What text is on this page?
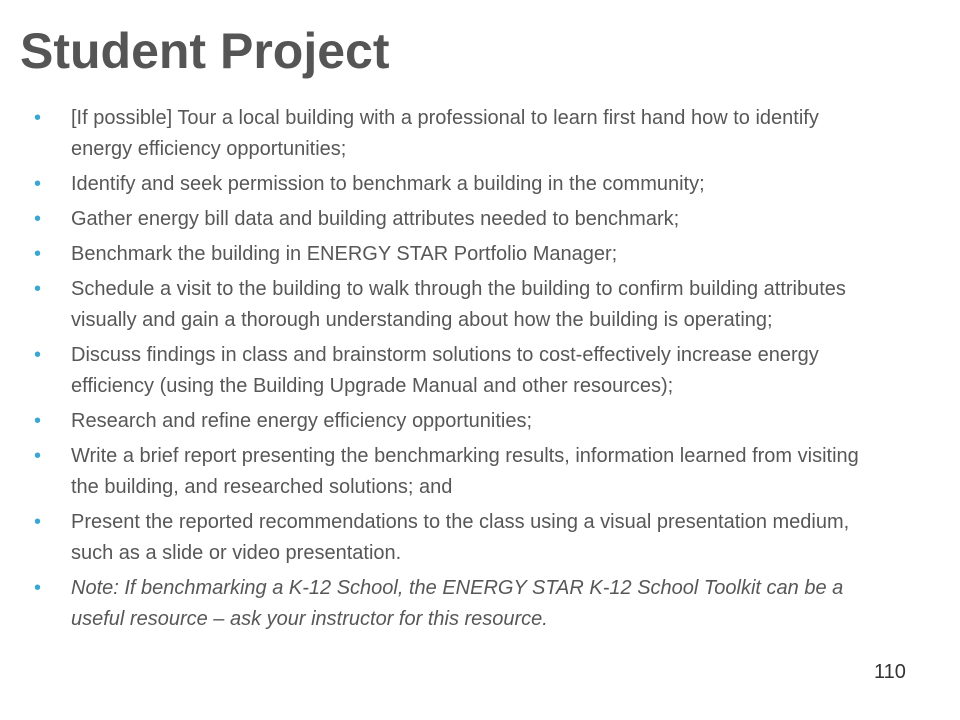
Student Project
• [If possible] Tour a local building with a professional to learn first hand how to identify energy efficiency opportunities;
• Identify and seek permission to benchmark a building in the community;
• Gather energy bill data and building attributes needed to benchmark;
• Benchmark the building in ENERGY STAR Portfolio Manager;
• Schedule a visit to the building to walk through the building to confirm building attributes visually and gain a thorough understanding about how the building is operating;
• Discuss findings in class and brainstorm solutions to cost-effectively increase energy efficiency (using the Building Upgrade Manual and other resources);
• Research and refine energy efficiency opportunities;
• Write a brief report presenting the benchmarking results, information learned from visiting the building, and researched solutions; and
• Present the reported recommendations to the class using a visual presentation medium, such as a slide or video presentation.
• Note: If benchmarking a K-12 School, the ENERGY STAR K-12 School Toolkit can be a useful resource – ask your instructor for this resource.
110
